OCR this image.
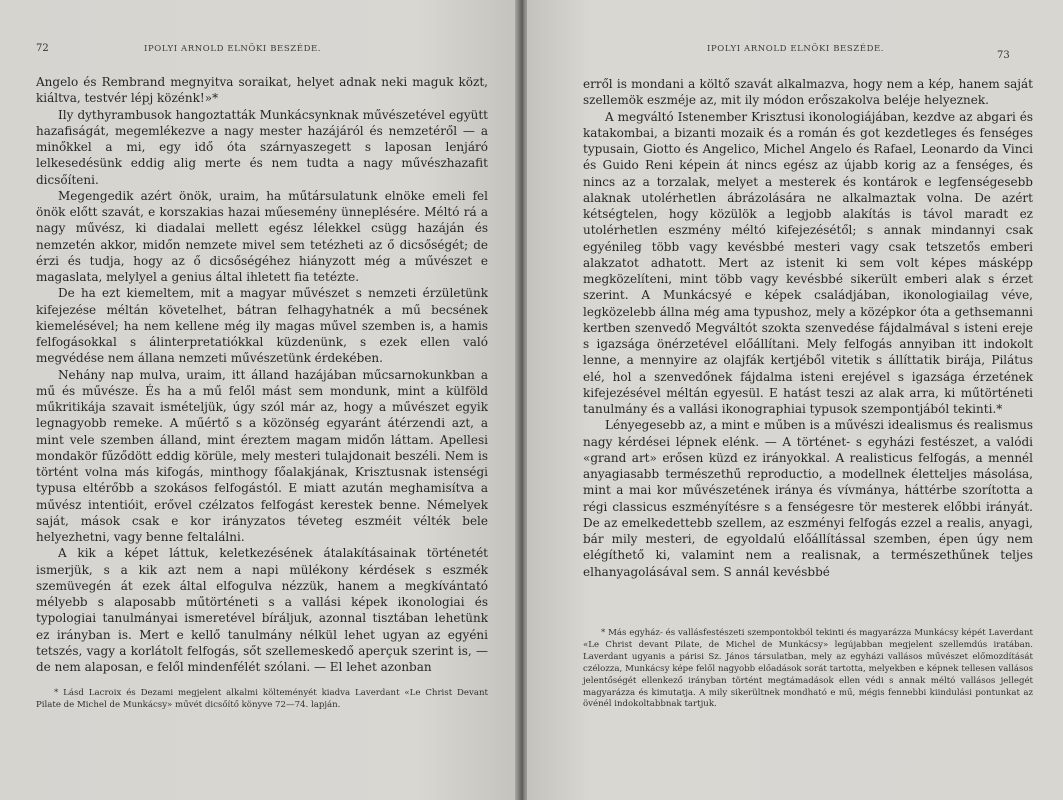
72	IPOLYI ARNOLD ELNÖKI BESZÉDE.

Angelo és Rembrand megnyitva soraikat, helyet adnak neki maguk közt, kiáltva, testvér lépj közénk!»*

Ily dythyrambusok hangoztatták Munkácsynknak művészetével együtt hazafiságát, megemlékezve a nagy mester hazájáról és nemzetéről — a minőkkel a mi, egy idő óta szárnyaszegett s laposan lenjáró lelkesedésünk eddig alig merte és nem tudta a nagy művészhazafit dicsőíteni.

Megengedik azért önök, uraim, ha műtársulatunk elnöke emeli fel önök előtt szavát, e korszakias hazai műesemény ünneplésére. Méltó rá a nagy művész, ki diadalai mellett egész lélekkel csügg hazáján és nemzetén akkor, midőn nemzete mivel sem tetézheti az ő dicsőségét; de érzi és tudja, hogy az ő dicsőségéhez hiányzott még a művészet e magaslata, melylyel a genius által ihletett fia tetézte.

De ha ezt kiemeltem, mit a magyar művészet s nemzeti érzületünk kifejezése méltán követelhet, bátran felhagyhatnék a mű becsének kiemelésével; ha nem kellene még ily magas művel szemben is, a hamis felfogásokkal s álinterpretatiókkal küzdenünk, s ezek ellen való megvédése nem állana nemzeti művészetünk érdekében.

Nehány nap mulva, uraim, itt álland hazájában műcsarnokunkban a mű és művésze. És ha a mű felől mást sem mondunk, mint a külföld műkritikája szavait ismételjük, úgy szól már az, hogy a művészet egyik legnagyobb remeke. A műértő s a közönség egyaránt átérzendi azt, a mint vele szemben álland, mint éreztem magam midőn láttam. Apellesi mondakör fűződött eddig körüle, mely mesteri tulajdonait beszéli. Nem is történt volna más kifogás, minthogy főalakjának, Krisztusnak istenségi typusa eltérőbb a szokásos felfogástól. E miatt azután meghamisítva a művész intentióit, erővel czélzatos felfogást kerestek benne. Némelyek saját, mások csak e kor irányzatos téveteg eszméit vélték bele helyezhetni, vagy benne feltalálni.

A kik a képet láttuk, keletkezésének átalakításainak történetét ismerjük, s a kik azt nem a napi mülékony kérdések s eszmék szemüvegén át ezek által elfogulva nézzük, hanem a megkívántató mélyebb s alaposabb műtörténeti s a vallási képek ikonologiai és typologiai tanulmányai ismeretével bíráljuk, azonnal tisztában lehetünk ez irányban is. Mert e kellő tanulmány nélkül lehet ugyan az egyéni tetszés, vagy a korlátolt felfogás, sőt szellemeskedő aperçuk szerint is, — de nem alaposan, e felől mindenfélét szólani. — El lehet azonban

* Lásd Lacroix és Dezami megjelent alkalmi költeményét kiadva Laverdant «Le Christ Devant Pilate de Michel de Munkácsy» művét dicsőítő könyve 72—74. lapján.
IPOLYI ARNOLD ELNÖKI BESZÉDE.
73

erről is mondani a költő szavát alkalmazva, hogy nem a kép, hanem saját szellemök eszméje az, mit ily módon erőszakolva beléje helyeznek.

A megváltó Istenember Krisztusi ikonologiájában, kezdve az abgari és katakombai, a bizanti mozaik és a román és got kezdetleges és fenséges typusain, Giotto és Angelico, Michel Angelo és Rafael, Leonardo da Vinci és Guido Reni képein át nincs egész az újabb korig az a fenséges, és nincs az a torzalak, melyet a mesterek és kontárok e legfenségesebb alaknak utolérhetlen ábrázolására ne alkalmaztak volna. De azért kétségtelen, hogy közülök a legjobb alakítás is távol maradt ez utolérhetlen eszmény méltó kifejezésétől; s annak mindannyi csak egyénileg több vagy kevésbbé mesteri vagy csak tetszetős emberi alakzatot adhatott. Mert az istenit ki sem volt képes másképp megközelíteni, mint több vagy kevésbbé sikerült emberi alak s érzet szerint. A Munkácsyé e képek családjában, ikonologiailag véve, legközelebb állna még ama typushoz, mely a középkor óta a gethsemanni kertben szenvedő Megváltót szokta szenvedése fájdalmával s isteni ereje s igazsága önérzetével előállítani. Mely felfogás annyiban itt indokolt lenne, a mennyire az olajfák kertjéből vitetik s állíttatik birája, Pilátus elé, hol a szenvedőnek fájdalma isteni erejével s igazsága érzetének kifejezésével méltán egyesül. E hatást teszi az alak arra, ki műtörténeti tanulmány és a vallási ikonographiai typusok szempontjából tekinti.*

Lényegesebb az, a mint e műben is a művészi idealismus és realismus nagy kérdései lépnek elénk. — A történet- s egyházi festészet, a valódi «grand art» erősen küzd ez irányokkal. A realisticus felfogás, a mennél anyagiasabb természethű reproductio, a modellnek életteljes másolása, mint a mai kor művészetének iránya és vívmánya, háttérbe szorította a régi classicus eszményítésre s a fenségesre tör mesterek előbbi irányát. De az emelkedettebb szellem, az eszményi felfogás ezzel a realis, anyagi, bár mily mesteri, de egyoldalú előállítással szemben, épen úgy nem elégíthető ki, valamint nem a realisnak, a természethűnek teljes elhanyagolásával sem. S annál kevésbbé

* Más egyház- és vallásfestészeti szempontokból tekinti és magyarázza Munkácsy képét Laverdant «Le Christ devant Pilate, de Michel de Munkácsy» legújabban megjelent szellemdús iratában. Laverdant ugyanis a párisi Sz. János társulatban, mely az egyházi vallásos művészet előmozdítását czélozza, Munkácsy képe felől nagyobb előadások sorát tartotta, melyekben e képnek tellesen vallásos jelentőségét ellenkező irányban történt megtámadások ellen védi s annak méltó vallásos jellegét magyarázza és kimutatja. A mily sikerültnek mondható e mű, mégis fennebbi kiindulási pontunkat az övénél indokoltabbnak tartjuk.
